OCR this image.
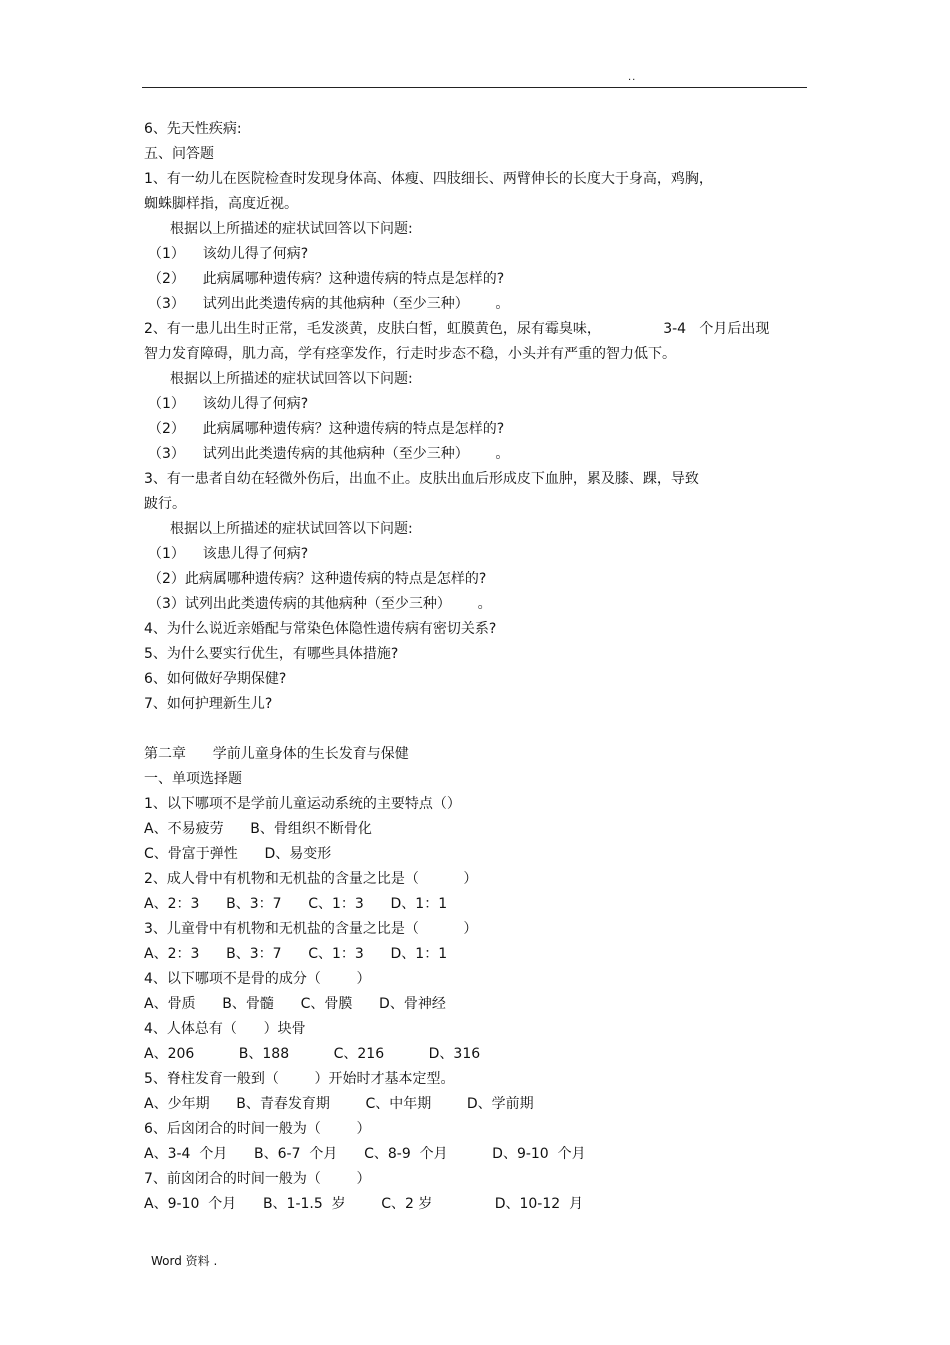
..
6、先天性疾病:
五、问答题
1、有一幼儿在医院检查时发现身体高、体瘦、四肢细长、两臂伸长的长度大于身高，鸡胸，
蜘蛛脚样指，高度近视。
根据以上所描述的症状试回答以下问题:
（1）    该幼儿得了何病?
（2）    此病属哪种遗传病？这种遗传病的特点是怎样的?
（3）    试列出此类遗传病的其他病种（至少三种）      。
2、有一患儿出生时正常，毛发淡黄，皮肤白皙，虹膜黄色，尿有霉臭味，              3-4   个月后出现
智力发育障碍，肌力高，学有痉挛发作，行走时步态不稳，小头并有严重的智力低下。
根据以上所描述的症状试回答以下问题:
（1）    该幼儿得了何病?
（2）    此病属哪种遗传病？这种遗传病的特点是怎样的?
（3）    试列出此类遗传病的其他病种（至少三种）      。
3、有一患者自幼在轻微外伤后，出血不止。皮肤出血后形成皮下血肿，累及膝、踝，导致
跛行。
根据以上所描述的症状试回答以下问题:
（1）    该患儿得了何病?
（2）此病属哪种遗传病？这种遗传病的特点是怎样的?
（3）试列出此类遗传病的其他病种（至少三种）      。
4、为什么说近亲婚配与常染色体隐性遗传病有密切关系?
5、为什么要实行优生，有哪些具体措施?
6、如何做好孕期保健?
7、如何护理新生儿?
第二章      学前儿童身体的生长发育与保健
一、单项选择题
1、以下哪项不是学前儿童运动系统的主要特点（）
A、不易疲劳      B、骨组织不断骨化
C、骨富于弹性      D、易变形
2、成人骨中有机物和无机盐的含量之比是（          ）
A、2：3      B、3：7      C、1：3      D、1：1
3、儿童骨中有机物和无机盐的含量之比是（          ）
A、2：3      B、3：7      C、1：3      D、1：1
4、以下哪项不是骨的成分（        ）
A、骨质      B、骨髓      C、骨膜      D、骨神经
4、人体总有（      ）块骨
A、206          B、188          C、216          D、316
5、脊柱发育一般到（        ）开始时才基本定型。
A、少年期      B、青春发育期        C、中年期        D、学前期
6、后囟闭合的时间一般为（        ）
A、3-4  个月      B、6-7  个月      C、8-9  个月          D、9-10  个月
7、前囟闭合的时间一般为（        ）
A、9-10  个月      B、1-1.5  岁        C、2 岁              D、10-12  月
Word 资料 .
